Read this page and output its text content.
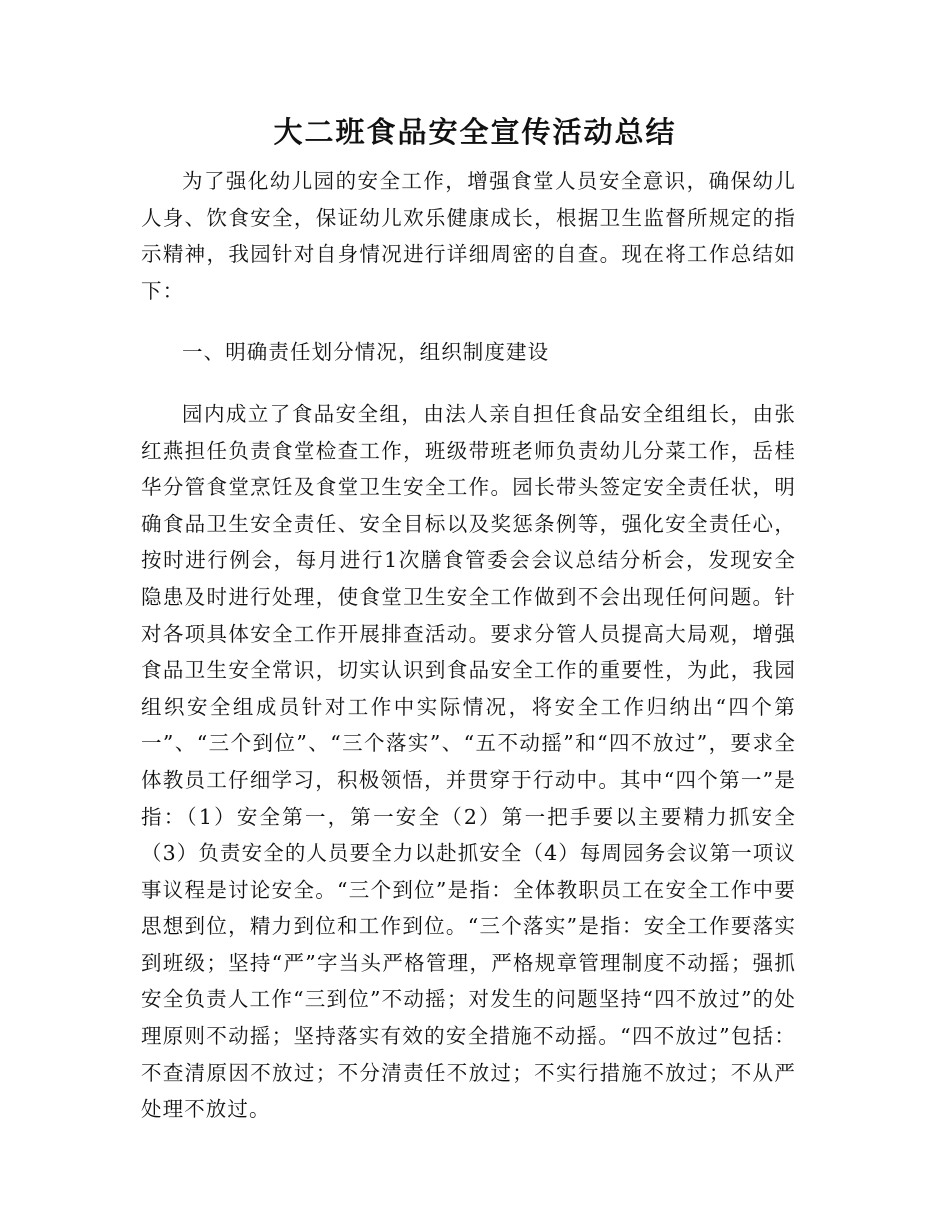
大二班食品安全宣传活动总结

为了强化幼儿园的安全工作，增强食堂人员安全意识，确保幼儿人身、饮食安全，保证幼儿欢乐健康成长，根据卫生监督所规定的指示精神，我园针对自身情况进行详细周密的自查。现在将工作总结如下：

一、明确责任划分情况，组织制度建设

园内成立了食品安全组，由法人亲自担任食品安全组组长，由张红燕担任负责食堂检查工作，班级带班老师负责幼儿分菜工作，岳桂华分管食堂烹饪及食堂卫生安全工作。园长带头签定安全责任状，明确食品卫生安全责任、安全目标以及奖惩条例等，强化安全责任心，按时进行例会，每月进行1次膳食管委会会议总结分析会，发现安全隐患及时进行处理，使食堂卫生安全工作做到不会出现任何问题。针对各项具体安全工作开展排查活动。要求分管人员提高大局观，增强食品卫生安全常识，切实认识到食品安全工作的重要性，为此，我园组织安全组成员针对工作中实际情况，将安全工作归纳出“四个第一”、“三个到位”、“三个落实”、“五不动摇”和“四不放过”，要求全体教员工仔细学习，积极领悟，并贯穿于行动中。其中“四个第一”是指：（1）安全第一，第一安全（2）第一把手要以主要精力抓安全（3）负责安全的人员要全力以赴抓安全（4）每周园务会议第一项议事议程是讨论安全。“三个到位”是指：全体教职员工在安全工作中要思想到位，精力到位和工作到位。“三个落实”是指：安全工作要落实到班级；坚持“严”字当头严格管理，严格规章管理制度不动摇；强抓安全负责人工作“三到位”不动摇；对发生的问题坚持“四不放过”的处理原则不动摇；坚持落实有效的安全措施不动摇。“四不放过”包括：不查清原因不放过；不分清责任不放过；不实行措施不放过；不从严处理不放过。
